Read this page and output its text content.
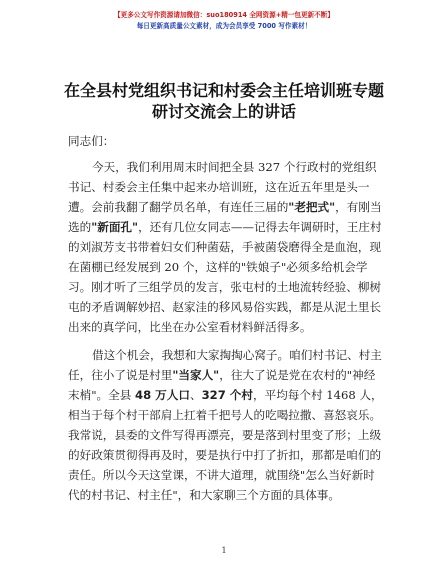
【更多公文写作资源请加微信：suo180914 全网资源+精一包更新不断】
每日更新高质量公文素材，成为会员享受 7000 写作素材！
在全县村党组织书记和村委会主任培训班专题
研讨交流会上的讲话
同志们：
今天，我们利用周末时间把全县 327 个行政村的党组织
书记、村委会主任集中起来办培训班，这在近五年里是头一
遭。会前我翻了翻学员名单，有连任三届的"老把式"，有刚当
选的"新面孔"，还有几位女同志——记得去年调研时，王庄村
的刘淑芳支书带着妇女们种菌菇，手被菌袋磨得全是血泡，现
在菌棚已经发展到 20 个，这样的"铁娘子"必须多给机会学
习。刚才听了三组学员的发言，张屯村的土地流转经验、柳树
屯的矛盾调解妙招、赵家洼的移风易俗实践，都是从泥土里长
出来的真学问，比坐在办公室看材料鲜活得多。
借这个机会，我想和大家掏掏心窝子。咱们村书记、村主
任，往小了说是村里"当家人"，往大了说是党在农村的"神经
末梢"。全县 48 万人口、327 个村，平均每个村 1468 人，
相当于每个村干部肩上扛着千把号人的吃喝拉撒、喜怒哀乐。
我常说，县委的文件写得再漂亮，要是落到村里变了形；上级
的好政策贯彻得再及时，要是执行中打了折扣，那都是咱们的
责任。所以今天这堂课，不讲大道理，就围绕"怎么当好新时
代的村书记、村主任"，和大家聊三个方面的具体事。
1
